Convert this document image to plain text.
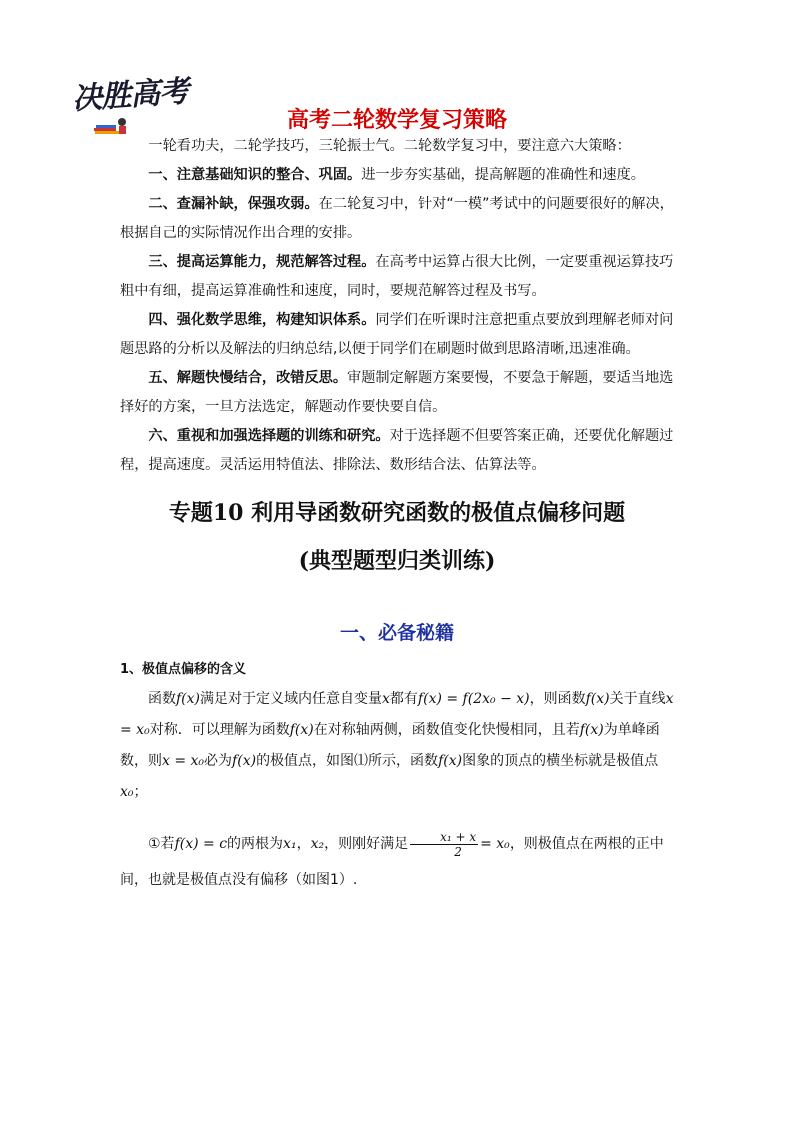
决胜高考
高考二轮数学复习策略

一轮看功夫，二轮学技巧，三轮振士气。二轮数学复习中，要注意六大策略：

一、注意基础知识的整合、巩固。进一步夯实基础，提高解题的准确性和速度。

二、查漏补缺，保强攻弱。在二轮复习中，针对“一模”考试中的问题要很好的解决，根据自己的实际情况作出合理的安排。

三、提高运算能力，规范解答过程。在高考中运算占很大比例，一定要重视运算技巧粗中有细，提高运算准确性和速度，同时，要规范解答过程及书写。

四、强化数学思维，构建知识体系。同学们在听课时注意把重点要放到理解老师对问题思路的分析以及解法的归纳总结,以便于同学们在刷题时做到思路清晰,迅速准确。

五、解题快慢结合，改错反思。审题制定解题方案要慢，不要急于解题，要适当地选择好的方案，一旦方法选定，解题动作要快要自信。

六、重视和加强选择题的训练和研究。对于选择题不但要答案正确，还要优化解题过程，提高速度。灵活运用特值法、排除法、数形结合法、估算法等。

专题10 利用导函数研究函数的极值点偏移问题
(典型题型归类训练)
一、必备秘籍
1、极值点偏移的含义

函数f(x)满足对于定义域内任意自变量x都有f(x) = f(2x₀ − x)，则函数f(x)关于直线x = x₀对称．可以理解为函数f(x)在对称轴两侧，函数值变化快慢相同，且若f(x)为单峰函数，则x = x₀必为f(x)的极值点，如图⑴所示，函数f(x)图象的顶点的横坐标就是极值点x₀；

①若f(x) = c的两根为x₁，x₂，则刚好满足 $\frac{\text{x₁ + x}}{2} = x_0$，则极值点在两根的正中间，也就是极值点没有偏移（如图1）.
